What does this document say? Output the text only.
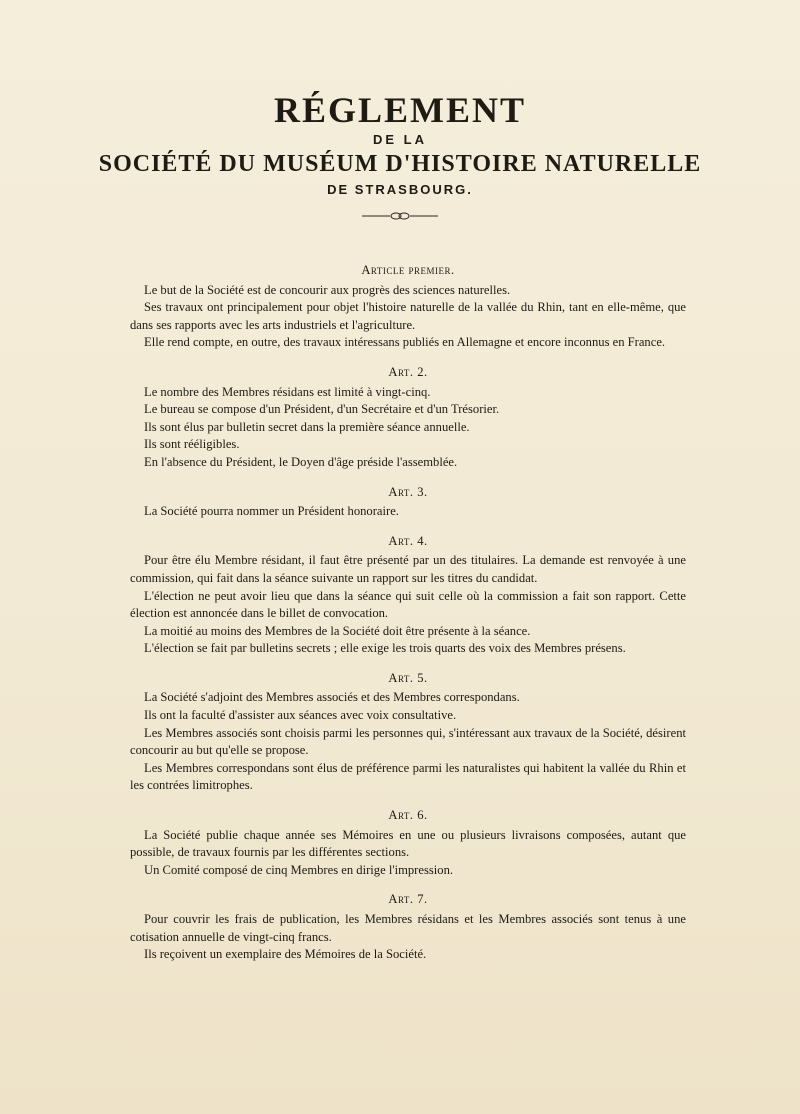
RÉGLEMENT
DE LA
SOCIÉTÉ DU MUSÉUM D'HISTOIRE NATURELLE
DE STRASBOURG.
Article premier.
Le but de la Société est de concourir aux progrès des sciences naturelles.
Ses travaux ont principalement pour objet l'histoire naturelle de la vallée du Rhin, tant en elle-même, que dans ses rapports avec les arts industriels et l'agriculture.
Elle rend compte, en outre, des travaux intéressans publiés en Allemagne et encore inconnus en France.
Art. 2.
Le nombre des Membres résidans est limité à vingt-cinq.
Le bureau se compose d'un Président, d'un Secrétaire et d'un Trésorier.
Ils sont élus par bulletin secret dans la première séance annuelle.
Ils sont rééligibles.
En l'absence du Président, le Doyen d'âge préside l'assemblée.
Art. 3.
La Société pourra nommer un Président honoraire.
Art. 4.
Pour être élu Membre résidant, il faut être présenté par un des titulaires. La demande est renvoyée à une commission, qui fait dans la séance suivante un rapport sur les titres du candidat.
L'élection ne peut avoir lieu que dans la séance qui suit celle où la commission a fait son rapport. Cette élection est annoncée dans le billet de convocation.
La moitié au moins des Membres de la Société doit être présente à la séance.
L'élection se fait par bulletins secrets ; elle exige les trois quarts des voix des Membres présens.
Art. 5.
La Société s'adjoint des Membres associés et des Membres correspondans.
Ils ont la faculté d'assister aux séances avec voix consultative.
Les Membres associés sont choisis parmi les personnes qui, s'intéressant aux travaux de la Société, désirent concourir au but qu'elle se propose.
Les Membres correspondans sont élus de préférence parmi les naturalistes qui habitent la vallée du Rhin et les contrées limitrophes.
Art. 6.
La Société publie chaque année ses Mémoires en une ou plusieurs livraisons composées, autant que possible, de travaux fournis par les différentes sections.
Un Comité composé de cinq Membres en dirige l'impression.
Art. 7.
Pour couvrir les frais de publication, les Membres résidans et les Membres associés sont tenus à une cotisation annuelle de vingt-cinq francs.
Ils reçoivent un exemplaire des Mémoires de la Société.
